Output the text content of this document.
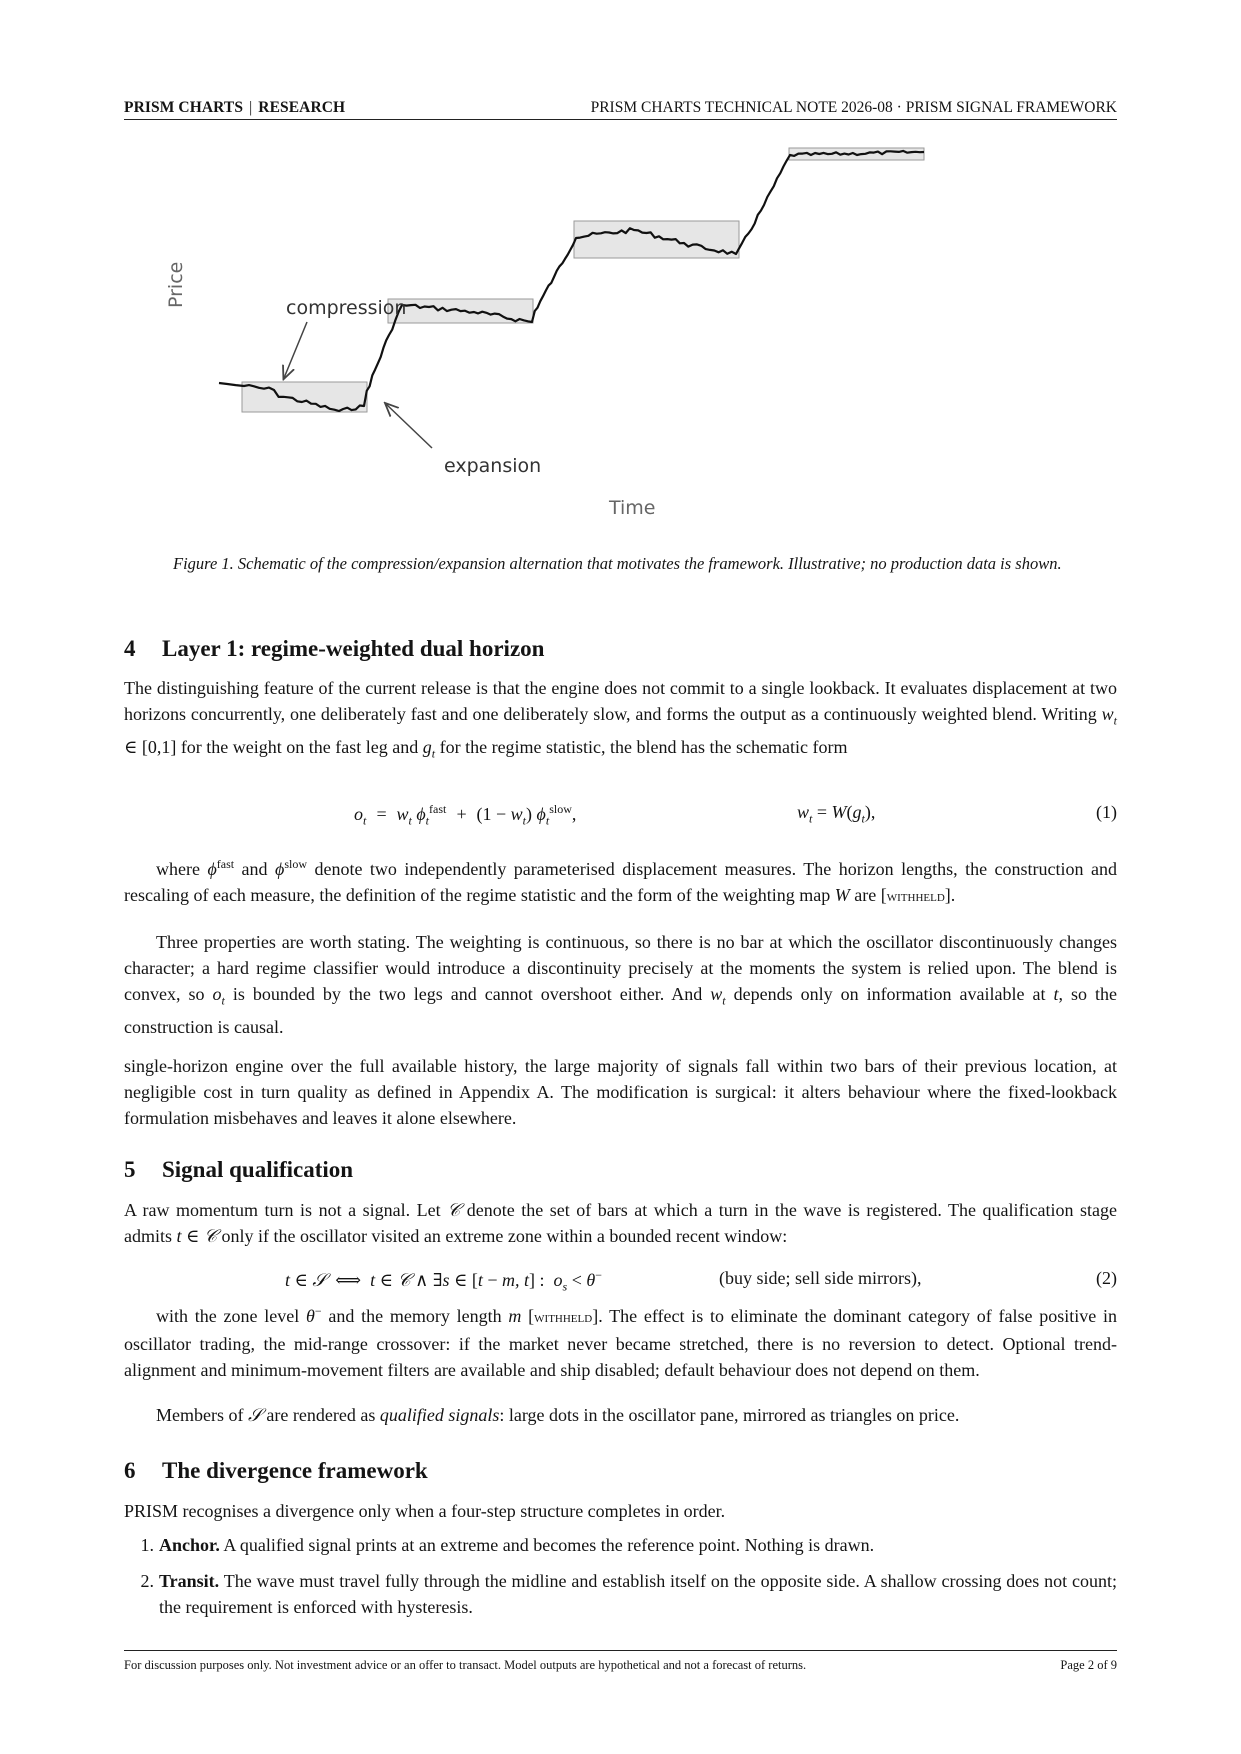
PRISM CHARTS | RESEARCH	PRISM CHARTS TECHNICAL NOTE 2026-08 · PRISM SIGNAL FRAMEWORK
compression
expansion
Price
Time
Figure 1. Schematic of the compression/expansion alternation that motivates the framework. Illustrative; no production data is shown.
4 Layer 1: regime-weighted dual horizon
The distinguishing feature of the current release is that the engine does not commit to a single lookback. It evaluates displacement at two horizons concurrently, one deliberately fast and one deliberately slow, and forms the output as a continuously weighted blend. Writing $w_t$ ∈ [0,1] for the weight on the fast leg and $g_t$ for the regime statistic, the blend has the schematic form
$o_t = w_t$ $\phi_t^{fast} + (1 - w_t)$ $\phi_t^{slow}$,	$w_t = W(g_t)$,	(1)
where $\phi^{fast}$ and $\phi^{slow}$ denote two independently parameterised displacement measures. The horizon lengths, the construction and rescaling of each measure, the definition of the regime statistic and the form of the weighting map W are [withheld].
Three properties are worth stating. The weighting is continuous, so there is no bar at which the oscillator discontinuously changes character; a hard regime classifier would introduce a discontinuity precisely at the moments the system is relied upon. The blend is convex, so $o_t$ is bounded by the two legs and cannot overshoot either. And $w_t$ depends only on information available at t, so the construction is causal.
single-horizon engine over the full available history, the large majority of signals fall within two bars of their previous location, at negligible cost in turn quality as defined in Appendix A. The modification is surgical: it alters behaviour where the fixed-lookback formulation misbehaves and leaves it alone elsewhere.
5 Signal qualification
A raw momentum turn is not a signal. Let 𝒞 denote the set of bars at which a turn in the wave is registered. The qualification stage admits t ∈ 𝒞 only if the oscillator visited an extreme zone within a bounded recent window:
t ∈ 𝒮  ⟺  t ∈ 𝒞 ∧ ∃s ∈ [t − m, t] :  $o_s < \theta^-$	(buy side; sell side mirrors),	(2)
with the zone level θ− and the memory length m [withheld]. The effect is to eliminate the dominant category of false positive in oscillator trading, the mid-range crossover: if the market never became stretched, there is no reversion to detect. Optional trend-alignment and minimum-movement filters are available and ship disabled; default behaviour does not depend on them.
Members of 𝒮 are rendered as qualified signals: large dots in the oscillator pane, mirrored as triangles on price.
6 The divergence framework
PRISM recognises a divergence only when a four-step structure completes in order.
1. Anchor. A qualified signal prints at an extreme and becomes the reference point. Nothing is drawn.
2. Transit. The wave must travel fully through the midline and establish itself on the opposite side. A shallow crossing does not count; the requirement is enforced with hysteresis.
For discussion purposes only. Not investment advice or an offer to transact. Model outputs are hypothetical and not a forecast of returns.	Page 2 of 9
